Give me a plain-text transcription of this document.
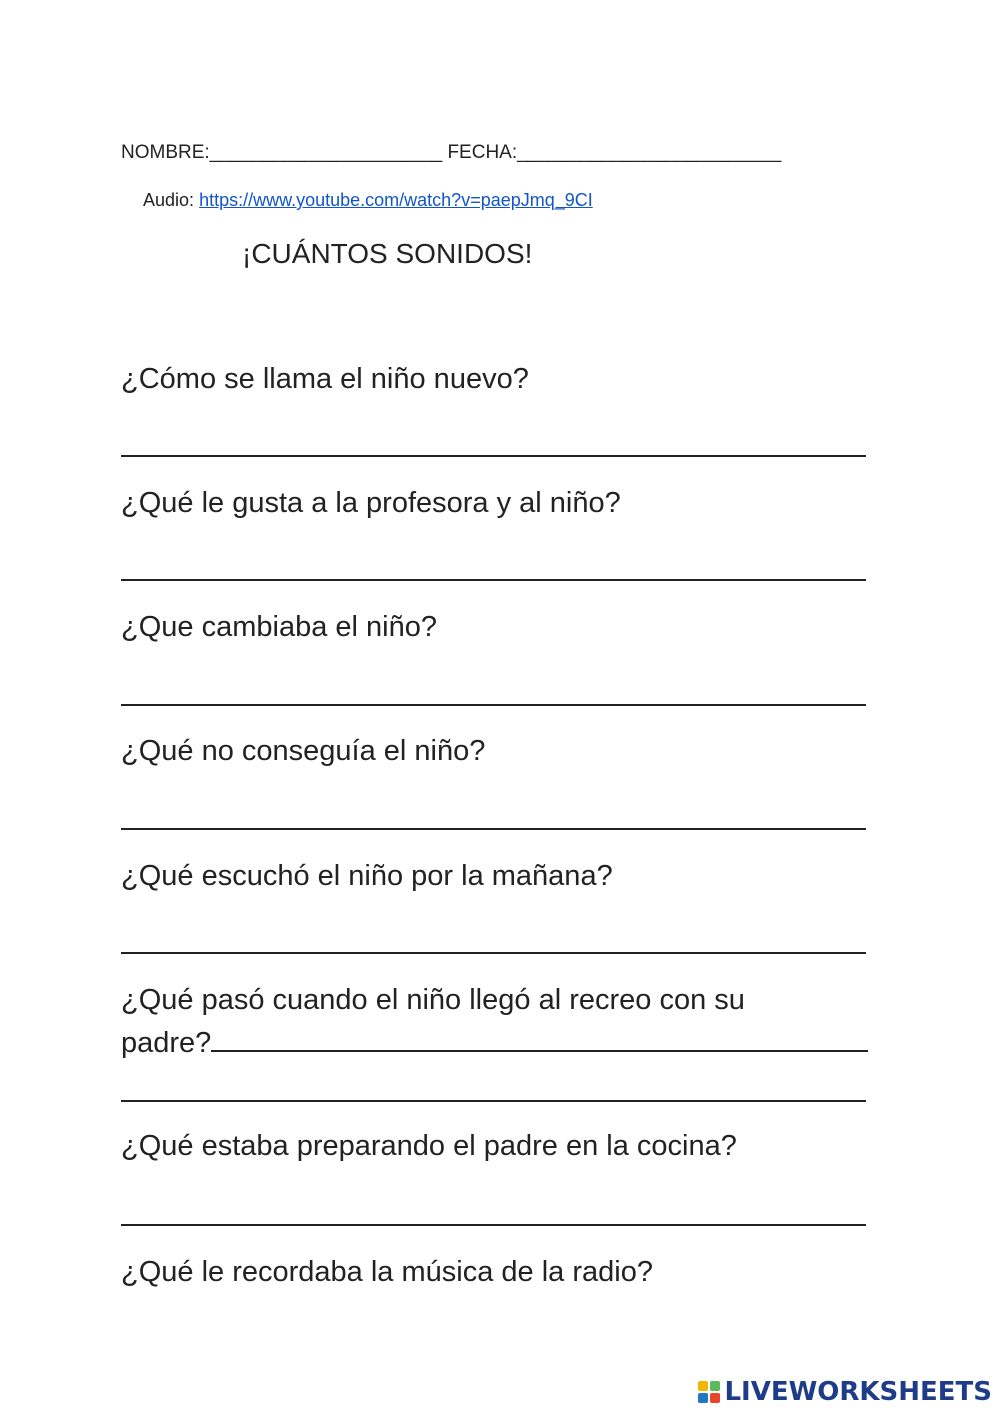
NOMBRE:______________________ FECHA:_________________________
Audio: https://www.youtube.com/watch?v=paepJmq_9CI
¡CUÁNTOS SONIDOS!

¿Cómo se llama el niño nuevo?

¿Qué le gusta a la profesora y al niño?

¿Que cambiaba el niño?

¿Qué no conseguía el niño?

¿Qué escuchó el niño por la mañana?

¿Qué pasó cuando el niño llegó al recreo con su

padre?

¿Qué estaba preparando el padre en la cocina?

¿Qué le recordaba la música de la radio?

LIVEWORKSHEETS
